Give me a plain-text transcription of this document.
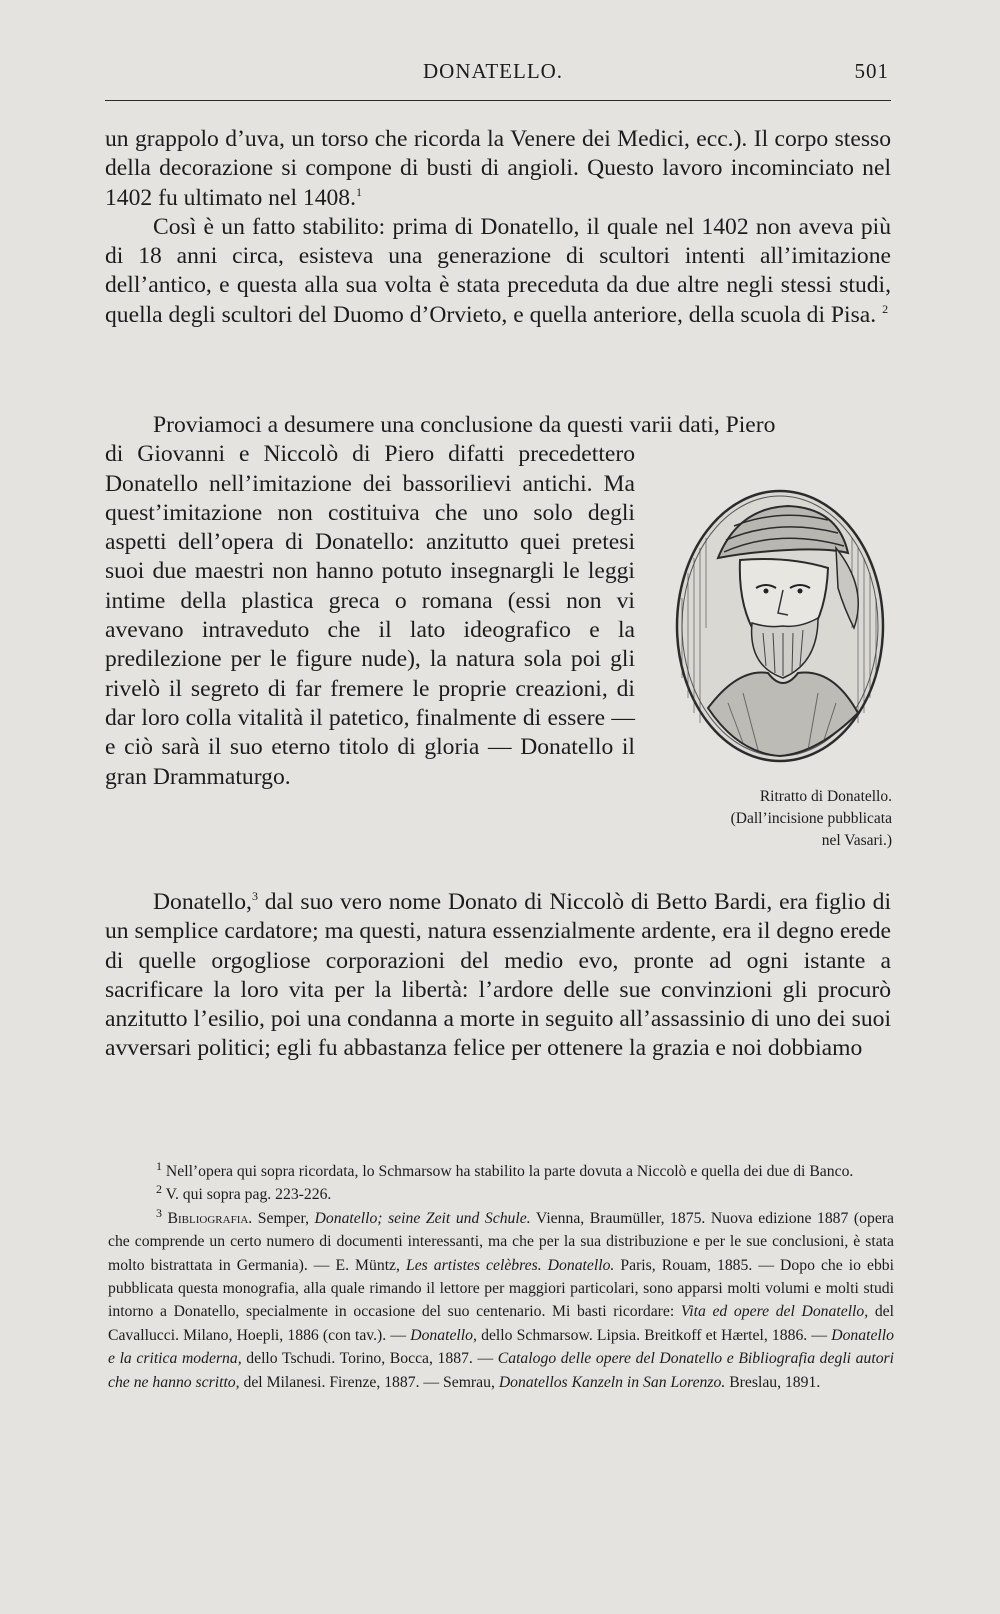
DONATELLO.	501

un grappolo d’uva, un torso che ricorda la Venere dei Medici, ecc.). Il corpo stesso della decorazione si compone di busti di angioli. Questo lavoro incominciato nel 1402 fu ultimato nel 1408.$^1$

Così è un fatto stabilito: prima di Donatello, il quale nel 1402 non aveva più di 18 anni circa, esisteva una generazione di scultori intenti all’imitazione dell’antico, e questa alla sua volta è stata preceduta da due altre negli stessi studi, quella degli scultori del Duomo d’Orvieto, e quella anteriore, della scuola di Pisa. $^2$

Proviamoci a desumere una conclusione da questi varii dati, Piero

di Giovanni e Niccolò di Piero difatti precedettero Donatello nell’imitazione dei bassorilievi antichi. Ma quest’imitazione non costituiva che uno solo degli aspetti dell’opera di Donatello: anzitutto quei pretesi suoi due maestri non hanno potuto insegnargli le leggi intime della plastica greca o romana (essi non vi avevano intraveduto che il lato ideografico e la predilezione per le figure nude), la natura sola poi gli rivelò il segreto di far fremere le proprie creazioni, di dar loro colla vitalità il patetico, finalmente di essere — e ciò sarà il suo eterno titolo di gloria — Donatello il gran Drammaturgo.

Ritratto di Donatello.
(Dall’incisione pubblicata
nel Vasari.)

Donatello,$^3$ dal suo vero nome Donato di Niccolò di Betto Bardi, era figlio di un semplice cardatore; ma questi, natura essenzialmente ardente, era il degno erede di quelle orgogliose corporazioni del medio evo, pronte ad ogni istante a sacrificare la loro vita per la libertà: l’ardore delle sue convinzioni gli procurò anzitutto l’esilio, poi una condanna a morte in seguito all’assassinio di uno dei suoi avversari politici; egli fu abbastanza felice per ottenere la grazia e noi dobbiamo

$^1$ Nell’opera qui sopra ricordata, lo Schmarsow ha stabilito la parte dovuta a Niccolò e quella dei due di Banco.

$^2$ V. qui sopra pag. 223-226.

$^3$ Bibliografia. Semper, Donatello; seine Zeit und Schule. Vienna, Braumüller, 1875. Nuova edizione 1887 (opera che comprende un certo numero di documenti interessanti, ma che per la sua distribuzione e per le sue conclusioni, è stata molto bistrattata in Germania). — E. Müntz, Les artistes celèbres. Donatello. Paris, Rouam, 1885. — Dopo che io ebbi pubblicata questa monografia, alla quale rimando il lettore per maggiori particolari, sono apparsi molti volumi e molti studi intorno a Donatello, specialmente in occasione del suo centenario. Mi basti ricordare: Vita ed opere del Donatello, del Cavallucci. Milano, Hoepli, 1886 (con tav.). — Donatello, dello Schmarsow. Lipsia. Breitkoff et Hærtel, 1886. — Donatello e la critica moderna, dello Tschudi. Torino, Bocca, 1887. — Catalogo delle opere del Donatello e Bibliografia degli autori che ne hanno scritto, del Milanesi. Firenze, 1887. — Semrau, Donatellos Kanzeln in San Lorenzo. Breslau, 1891.
